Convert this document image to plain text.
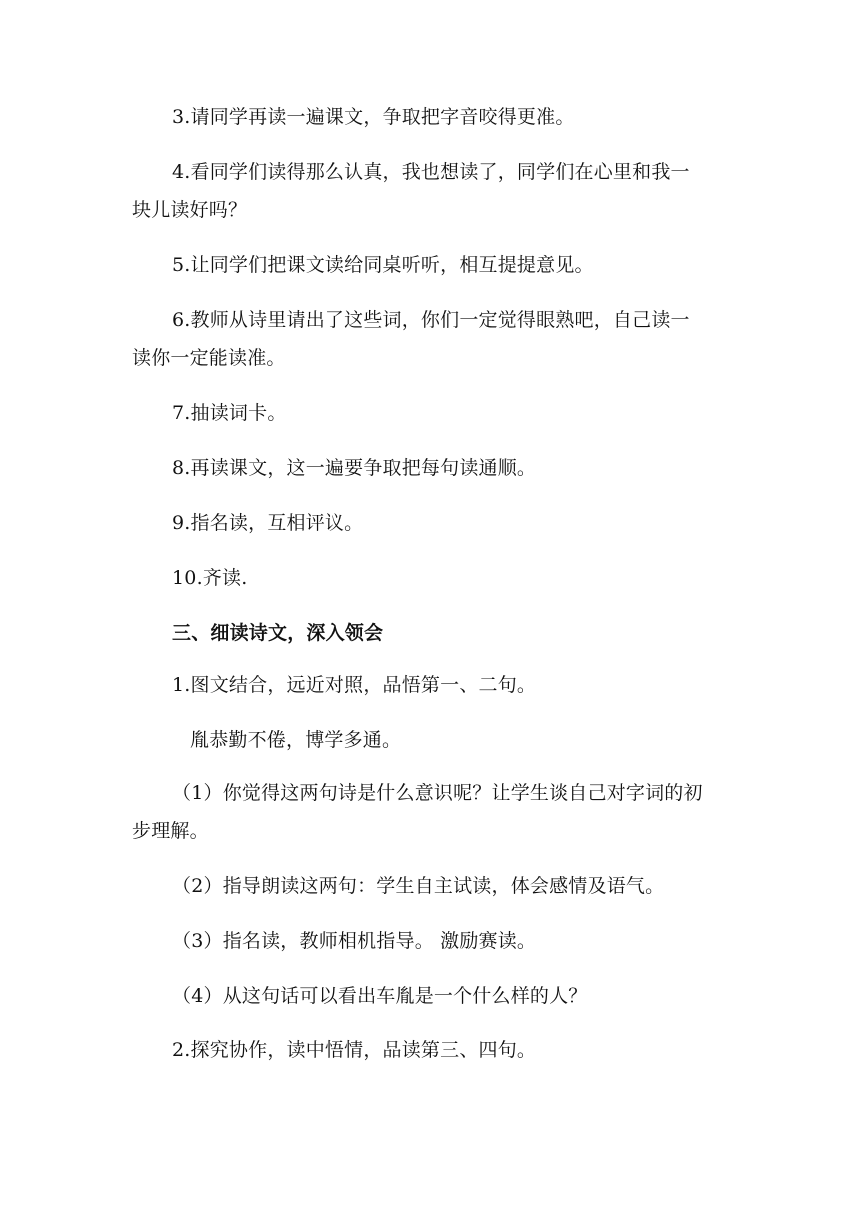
3.请同学再读一遍课文，争取把字音咬得更准。
4.看同学们读得那么认真，我也想读了，同学们在心里和我一
块儿读好吗？
5.让同学们把课文读给同桌听听，相互提提意见。
6.教师从诗里请出了这些词，你们一定觉得眼熟吧，自己读一
读你一定能读准。
7.抽读词卡。
8.再读课文，这一遍要争取把每句读通顺。
9.指名读，互相评议。
10.齐读.
三、细读诗文，深入领会
1.图文结合，远近对照，品悟第一、二句。
胤恭勤不倦，博学多通。
（1）你觉得这两句诗是什么意识呢？让学生谈自己对字词的初
步理解。
（2）指导朗读这两句：学生自主试读，体会感情及语气。
（3）指名读，教师相机指导。 激励赛读。
（4）从这句话可以看出车胤是一个什么样的人？
2.探究协作，读中悟情，品读第三、四句。
